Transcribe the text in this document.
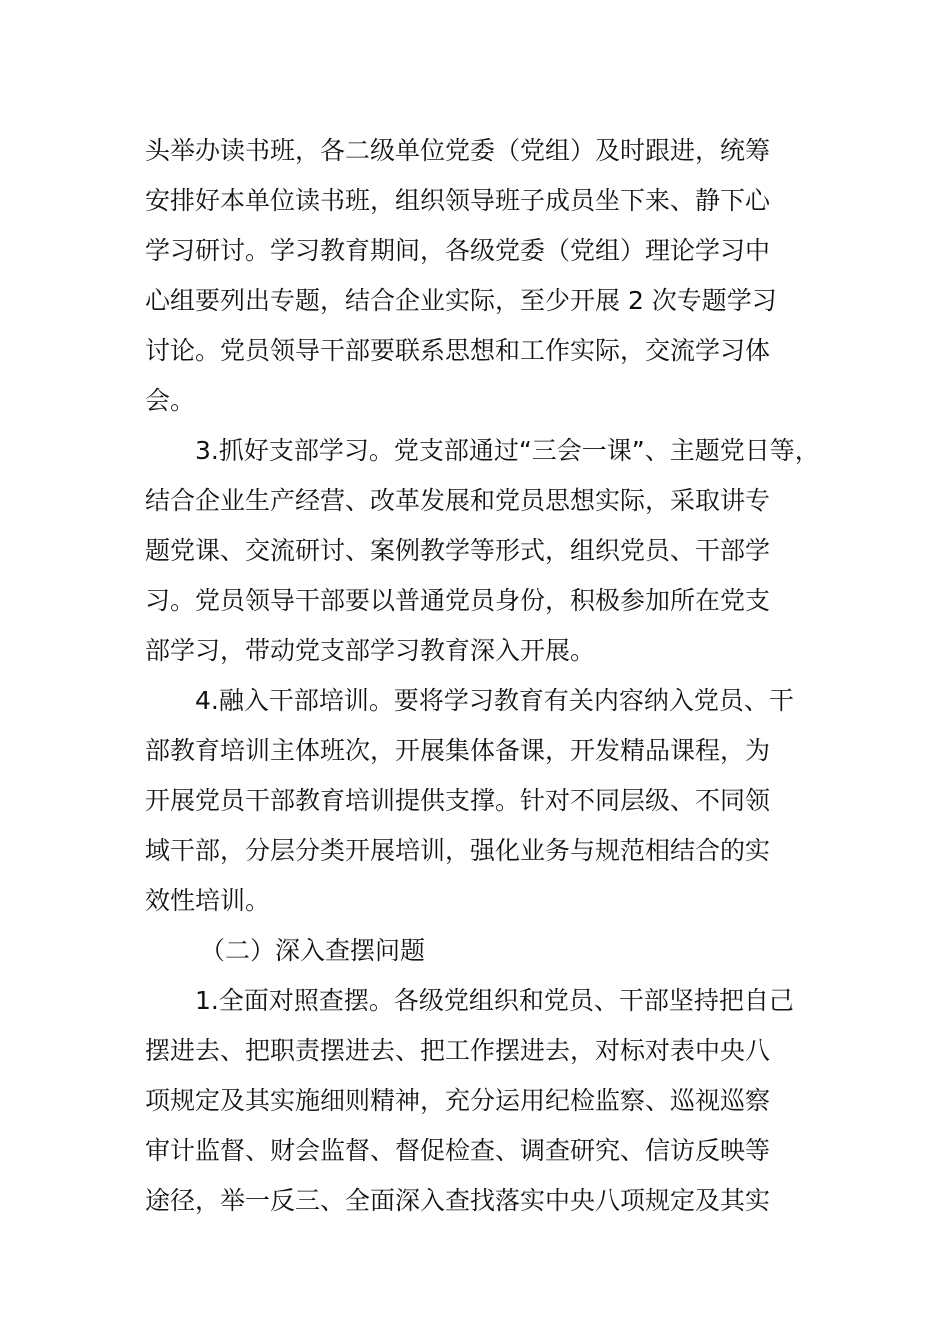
头举办读书班，各二级单位党委（党组）及时跟进，统筹
安排好本单位读书班，组织领导班子成员坐下来、静下心
学习研讨。学习教育期间，各级党委（党组）理论学习中
心组要列出专题，结合企业实际，至少开展 2 次专题学习
讨论。党员领导干部要联系思想和工作实际，交流学习体
会。
3.抓好支部学习。党支部通过“三会一课”、主题党日等，
结合企业生产经营、改革发展和党员思想实际，采取讲专
题党课、交流研讨、案例教学等形式，组织党员、干部学
习。党员领导干部要以普通党员身份，积极参加所在党支
部学习，带动党支部学习教育深入开展。
4.融入干部培训。要将学习教育有关内容纳入党员、干
部教育培训主体班次，开展集体备课，开发精品课程，为
开展党员干部教育培训提供支撑。针对不同层级、不同领
域干部，分层分类开展培训，强化业务与规范相结合的实
效性培训。
（二）深入查摆问题
1.全面对照查摆。各级党组织和党员、干部坚持把自己
摆进去、把职责摆进去、把工作摆进去，对标对表中央八
项规定及其实施细则精神，充分运用纪检监察、巡视巡察
审计监督、财会监督、督促检查、调查研究、信访反映等
途径，举一反三、全面深入查找落实中央八项规定及其实
